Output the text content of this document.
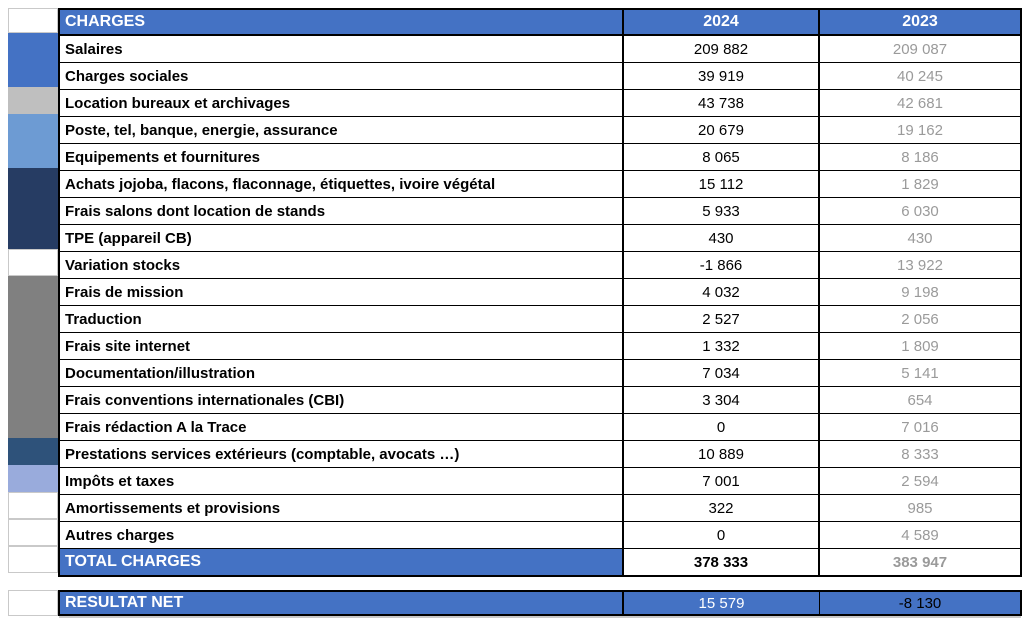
CHARGES	2024	2023
Salaires	209 882	209 087
Charges sociales	39 919	40 245
Location bureaux et archivages	43 738	42 681
Poste, tel, banque, energie, assurance	20 679	19 162
Equipements et fournitures	8 065	8 186
Achats jojoba, flacons, flaconnage, étiquettes, ivoire végétal	15 112	1 829
Frais salons dont location de stands	5 933	6 030
TPE (appareil CB)	430	430
Variation stocks	-1 866	13 922
Frais de mission	4 032	9 198
Traduction	2 527	2 056
Frais site internet	1 332	1 809
Documentation/illustration	7 034	5 141
Frais conventions internationales (CBI)	3 304	654
Frais rédaction A la Trace	0	7 016
Prestations services extérieurs (comptable, avocats …)	10 889	8 333
Impôts et taxes	7 001	2 594
Amortissements et provisions	322	985
Autres charges	0	4 589
TOTAL CHARGES	378 333	383 947
RESULTAT NET	15 579	-8 130
